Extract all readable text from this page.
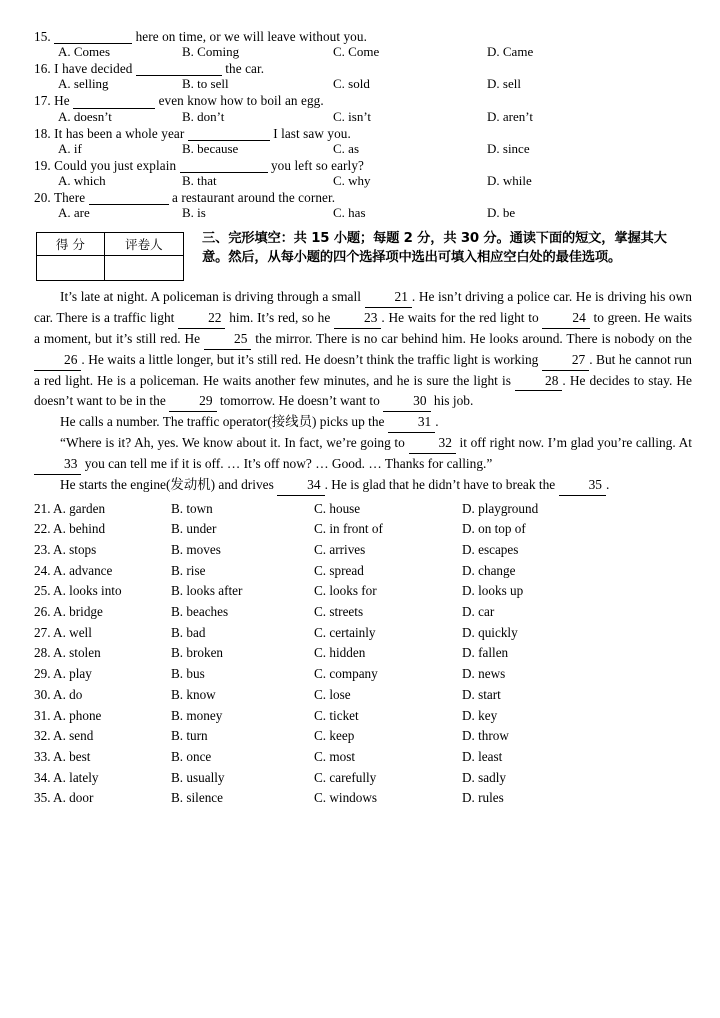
15.	here on time, or we will leave without you.
A. Comes	B. Coming	C. Come	D. Came
16. I have decided	the car.
A. selling	B. to sell	C. sold	D. sell
17. He	even know how to boil an egg.
A. doesn’t	B. don’t	C. isn’t	D. aren’t
18. It has been a whole year	I last saw you.
A. if	B. because	C. as	D. since
19. Could you just explain	you left so early?
A. which	B. that	C. why	D. while
20. There	a restaurant around the corner.
A. are	B. is	C. has	D. be
得 分	评卷人
		三、完形填空：共 15 小题；每题 2 分，共 30 分。通读下面的短文，掌握其大意。然后，从每小题的四个选择项中选出可填入相应空白处的最佳选项。

It’s late at night. A policeman is driving through a small 21 . He isn’t driving a police car. He is driving his own car. There is a traffic light 22 him. It’s red, so he 23 . He waits for the red light to 24 to green. He waits a moment, but it’s still red. He 25 the mirror. There is no car behind him. He looks around. There is nobody on the 26 . He waits a little longer, but it’s still red. He doesn’t think the traffic light is working 27 . But he cannot run a red light. He is a policeman. He waits another few minutes, and he is sure the light is 28 . He decides to stay. He doesn’t want to be in the 29 tomorrow. He doesn’t want to 30 his job.

He calls a number. The traffic operator(接线员) picks up the 31 .

“Where is it? Ah, yes. We know about it. In fact, we’re going to 32 it off right now. I’m glad you’re calling. At 33 you can tell me if it is off. … It’s off now? … Good. … Thanks for calling.”

He starts the engine(发动机) and drives 34 . He is glad that he didn’t have to break the 35 .

21. A. garden	B. town	C. house	D. playground
22. A. behind	B. under	C. in front of	D. on top of
23. A. stops	B. moves	C. arrives	D. escapes
24. A. advance	B. rise	C. spread	D. change
25. A. looks into	B. looks after	C. looks for	D. looks up
26. A. bridge	B. beaches	C. streets	D. car
27. A. well	B. bad	C. certainly	D. quickly
28. A. stolen	B. broken	C. hidden	D. fallen
29. A. play	B. bus	C. company	D. news
30. A. do	B. know	C. lose	D. start
31. A. phone	B. money	C. ticket	D. key
32. A. send	B. turn	C. keep	D. throw
33. A. best	B. once	C. most	D. least
34. A. lately	B. usually	C. carefully	D. sadly
35. A. door	B. silence	C. windows	D. rules
